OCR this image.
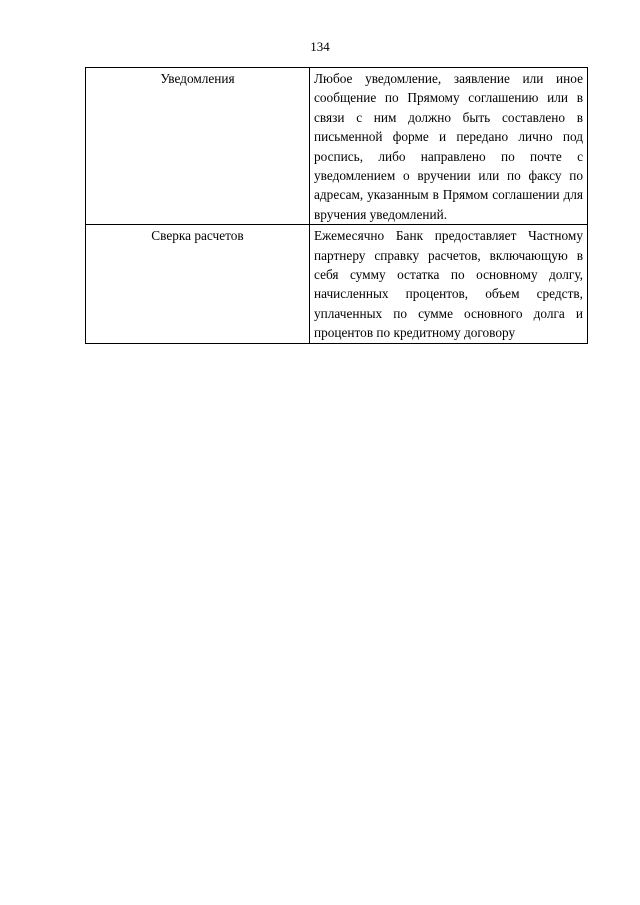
134
Уведомления	Любое уведомление, заявление или иное сообщение по Прямому соглашению или в связи с ним должно быть составлено в письменной форме и передано лично под роспись, либо направлено по почте с уведомлением о вручении или по факсу по адресам, указанным в Прямом соглашении для вручения уведомлений.
Сверка расчетов	Ежемесячно Банк предоставляет Частному партнеру справку расчетов, включающую в себя сумму остатка по основному долгу, начисленных процентов, объем средств, уплаченных по сумме основного долга и процентов по кредитному договору
